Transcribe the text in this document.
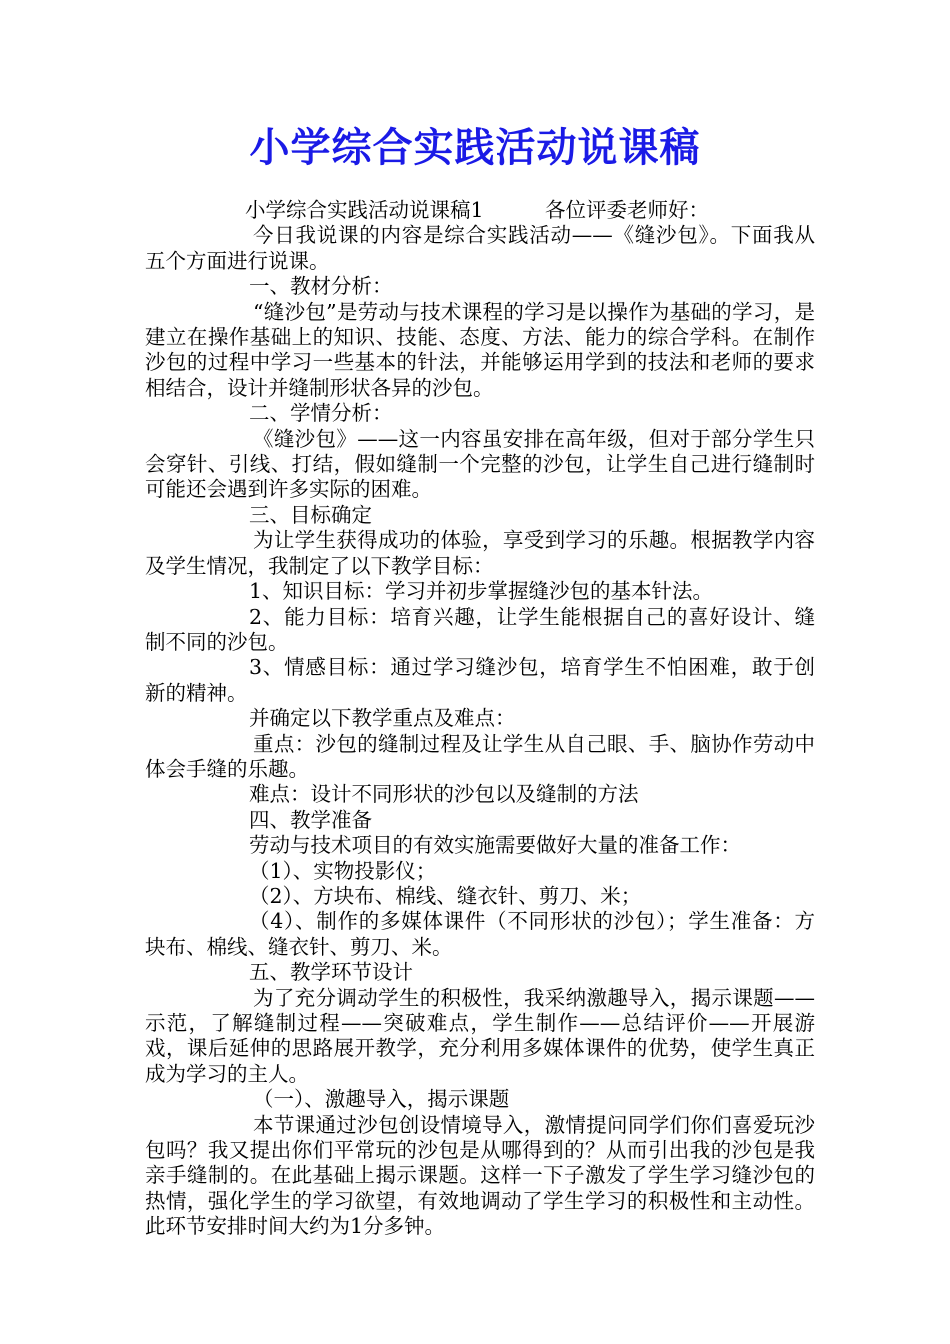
小学综合实践活动说课稿

小学综合实践活动说课稿1　　　各位评委老师好：

今日我说课的内容是综合实践活动——《缝沙包》。下面我从五个方面进行说课。

一、教材分析：

“缝沙包”是劳动与技术课程的学习是以操作为基础的学习，是建立在操作基础上的知识、技能、态度、方法、能力的综合学科。在制作沙包的过程中学习一些基本的针法，并能够运用学到的技法和老师的要求相结合，设计并缝制形状各异的沙包。

二、学情分析：

《缝沙包》——这一内容虽安排在高年级，但对于部分学生只会穿针、引线、打结，假如缝制一个完整的沙包，让学生自己进行缝制时可能还会遇到许多实际的困难。

三、目标确定

为让学生获得成功的体验，享受到学习的乐趣。根据教学内容及学生情况，我制定了以下教学目标：

1、知识目标：学习并初步掌握缝沙包的基本针法。

2、能力目标：培育兴趣，让学生能根据自己的喜好设计、缝制不同的沙包。

3、情感目标：通过学习缝沙包，培育学生不怕困难，敢于创新的精神。

并确定以下教学重点及难点：

重点：沙包的缝制过程及让学生从自己眼、手、脑协作劳动中体会手缝的乐趣。

难点：设计不同形状的沙包以及缝制的方法

四、教学准备

劳动与技术项目的有效实施需要做好大量的准备工作：

（1）、实物投影仪；

（2）、方块布、棉线、缝衣针、剪刀、米；

（4）、制作的多媒体课件（不同形状的沙包）；学生准备：方块布、棉线、缝衣针、剪刀、米。

五、教学环节设计

为了充分调动学生的积极性，我采纳激趣导入，揭示课题——示范，了解缝制过程——突破难点，学生制作——总结评价——开展游戏，课后延伸的思路展开教学，充分利用多媒体课件的优势，使学生真正成为学习的主人。

（一）、激趣导入，揭示课题

本节课通过沙包创设情境导入，激情提问同学们你们喜爱玩沙包吗？我又提出你们平常玩的沙包是从哪得到的？从而引出我的沙包是我亲手缝制的。在此基础上揭示课题。这样一下子激发了学生学习缝沙包的热情，强化学生的学习欲望，有效地调动了学生学习的积极性和主动性。此环节安排时间大约为1分多钟。
